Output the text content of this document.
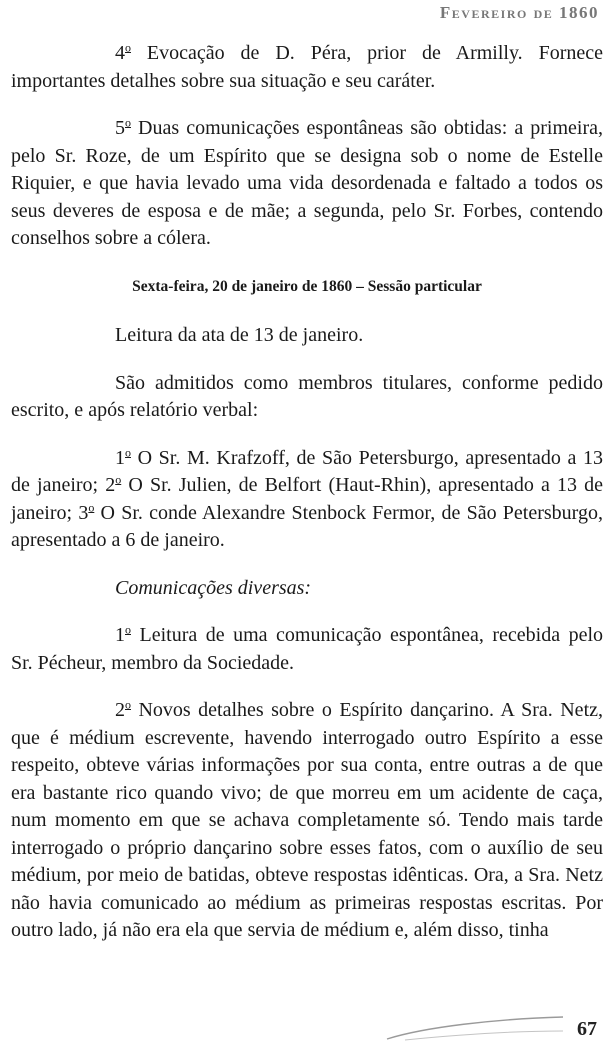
Fevereiro de 1860

4$^o$ Evocação de D. Péra, prior de Armilly. Fornece importantes detalhes sobre sua situação e seu caráter.

5$^o$ Duas comunicações espontâneas são obtidas: a primeira, pelo Sr. Roze, de um Espírito que se designa sob o nome de Estelle Riquier, e que havia levado uma vida desordenada e faltado a todos os seus deveres de esposa e de mãe; a segunda, pelo Sr. Forbes, contendo conselhos sobre a cólera.

Sexta-feira, 20 de janeiro de 1860 – Sessão particular

Leitura da ata de 13 de janeiro.

São admitidos como membros titulares, conforme pedido escrito, e após relatório verbal:

1$^o$ O Sr. M. Krafzoff, de São Petersburgo, apresentado a 13 de janeiro; 2$^o$ O Sr. Julien, de Belfort (Haut-Rhin), apresentado a 13 de janeiro; 3$^o$ O Sr. conde Alexandre Stenbock Fermor, de São Petersburgo, apresentado a 6 de janeiro.

Comunicações diversas:

1$^o$ Leitura de uma comunicação espontânea, recebida pelo Sr. Pécheur, membro da Sociedade.

2$^o$ Novos detalhes sobre o Espírito dançarino. A Sra. Netz, que é médium escrevente, havendo interrogado outro Espírito a esse respeito, obteve várias informações por sua conta, entre outras a de que era bastante rico quando vivo; de que morreu em um acidente de caça, num momento em que se achava completamente só. Tendo mais tarde interrogado o próprio dançarino sobre esses fatos, com o auxílio de seu médium, por meio de batidas, obteve respostas idênticas. Ora, a Sra. Netz não havia comunicado ao médium as primeiras respostas escritas. Por outro lado, já não era ela que servia de médium e, além disso, tinha

67
